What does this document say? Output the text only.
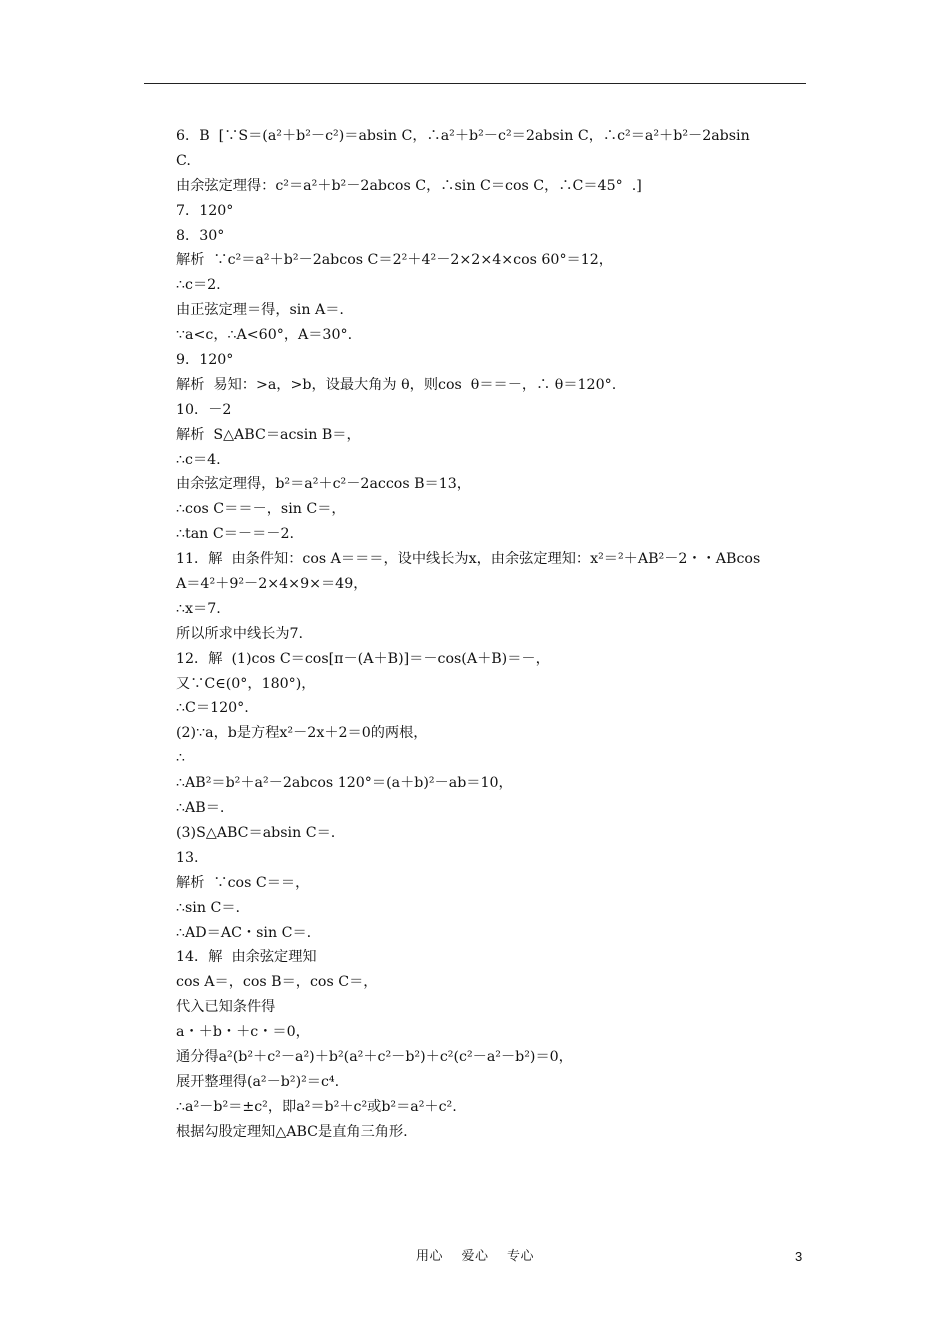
6．B  [∵S＝(a²＋b²－c²)＝absin C，∴a²＋b²－c²＝2absin C，∴c²＝a²＋b²－2absin
C.
由余弦定理得：c²＝a²＋b²－2abcos C，∴sin C＝cos C，∴C＝45°  .]
7．120°
8．30°
解析  ∵c²＝a²＋b²－2abcos C＝2²＋4²－2×2×4×cos 60°＝12，
∴c＝2.
由正弦定理＝得，sin A＝.
∵a<c，∴A<60°，A＝30°.
9．120°
解析  易知：>a，>b，设最大角为 θ，则cos  θ＝＝－，∴ θ＝120°.
10．－2
解析  S△ABC＝acsin B＝，
∴c＝4.
由余弦定理得，b²＝a²＋c²－2accos B＝13，
∴cos C＝＝－，sin C＝，
∴tan C＝－＝－2.
11．解  由条件知：cos A＝＝＝，设中线长为x，由余弦定理知：x²＝²＋AB²－2・・ABcos
A＝4²＋9²－2×4×9×＝49，
∴x＝7.
所以所求中线长为7.
12．解  (1)cos C＝cos[π－(A＋B)]＝－cos(A＋B)＝－，
又∵C∈(0°，180°)，
∴C＝120°.
(2)∵a，b是方程x²－2x＋2＝0的两根，
∴
∴AB²＝b²＋a²－2abcos 120°＝(a＋b)²－ab＝10，
∴AB＝.
(3)S△ABC＝absin C＝.
13.
解析  ∵cos C＝＝，
∴sin C＝.
∴AD＝AC・sin C＝.
14．解  由余弦定理知
cos A＝，cos B＝，cos C＝，
代入已知条件得
a・＋b・＋c・＝0，
通分得a²(b²＋c²－a²)＋b²(a²＋c²－b²)＋c²(c²－a²－b²)＝0，
展开整理得(a²－b²)²＝c⁴.
∴a²－b²＝±c²，即a²＝b²＋c²或b²＝a²＋c².
根据勾股定理知△ABC是直角三角形.
用心    爱心    专心	3
